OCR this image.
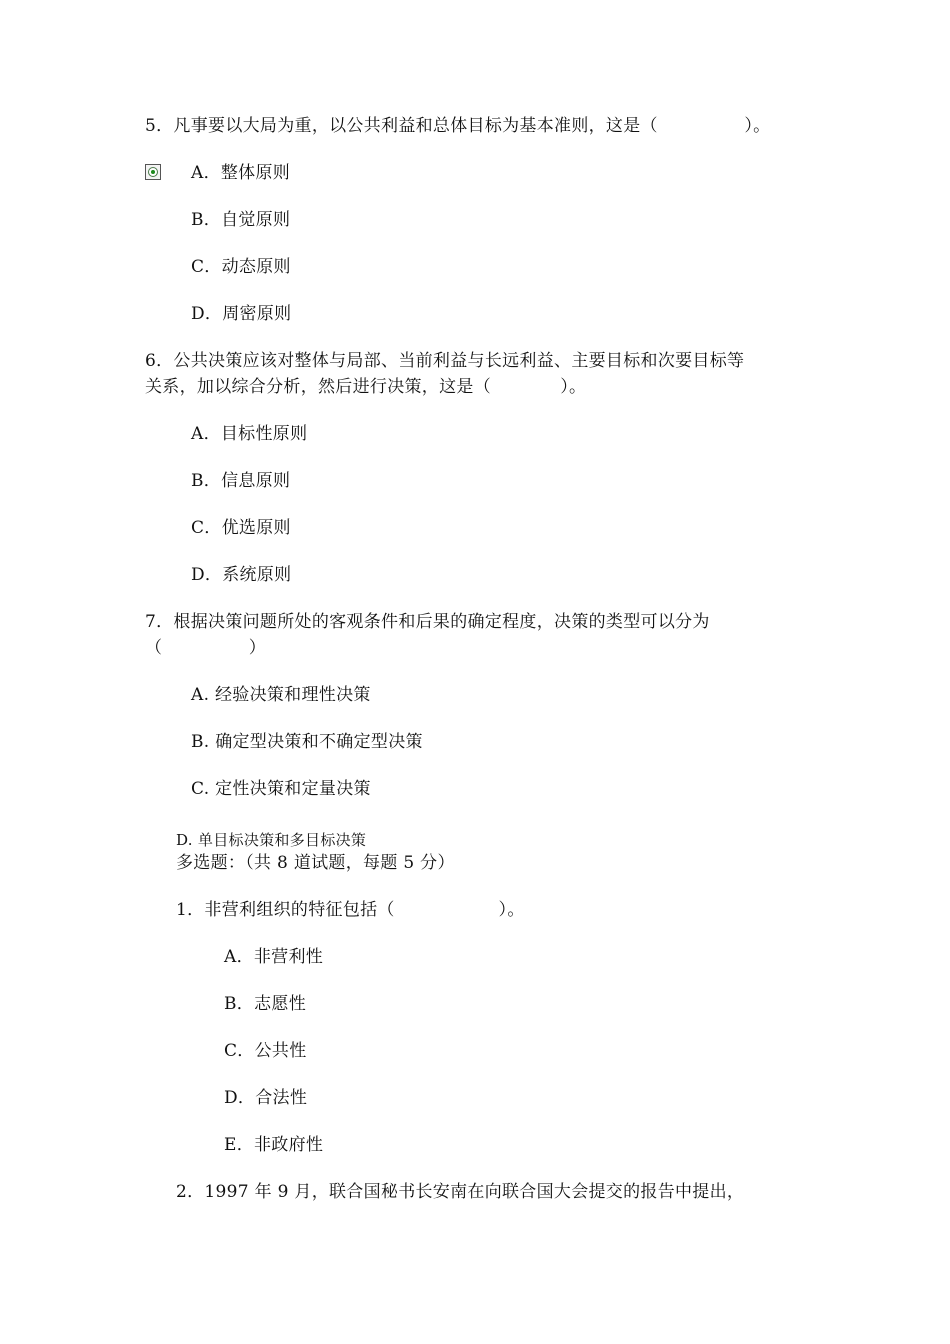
5．凡事要以大局为重，以公共利益和总体目标为基本准则，这是（　　　　　）。
A．整体原则
B．自觉原则
C．动态原则
D．周密原则
6．公共决策应该对整体与局部、当前利益与长远利益、主要目标和次要目标等
关系，加以综合分析，然后进行决策，这是（　　　　）。
A．目标性原则
B．信息原则
C．优选原则
D．系统原则
7．根据决策问题所处的客观条件和后果的确定程度，决策的类型可以分为
（　　　　　）
A. 经验决策和理性决策
B. 确定型决策和不确定型决策
C. 定性决策和定量决策
D. 单目标决策和多目标决策
多选题：（共 8 道试题，每题 5 分）
1．非营利组织的特征包括（　　　　　　）。
A．非营利性
B．志愿性
C．公共性
D．合法性
E．非政府性
2．1997 年 9 月，联合国秘书长安南在向联合国大会提交的报告中提出，
